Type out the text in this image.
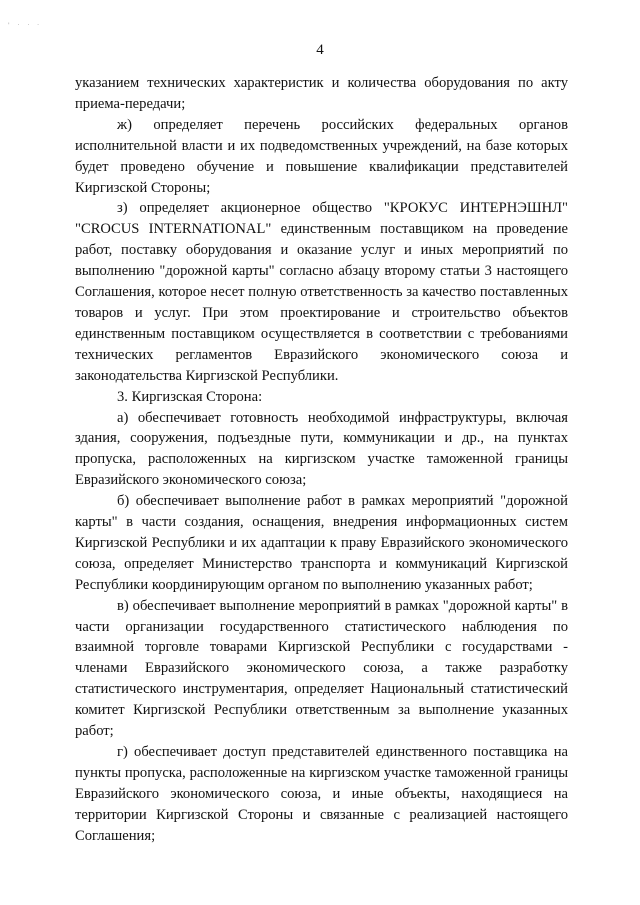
' · · ·
4

указанием технических характеристик и количества оборудования по акту приема-передачи;

ж) определяет перечень российских федеральных органов исполнительной власти и их подведомственных учреждений, на базе которых будет проведено обучение и повышение квалификации представителей Киргизской Стороны;

з) определяет акционерное общество "КРОКУС ИНТЕРНЭШНЛ" "CROCUS INTERNATIONAL" единственным поставщиком на проведение работ, поставку оборудования и оказание услуг и иных мероприятий по выполнению "дорожной карты" согласно абзацу второму статьи 3 настоящего Соглашения, которое несет полную ответственность за качество поставленных товаров и услуг. При этом проектирование и строительство объектов единственным поставщиком осуществляется в соответствии с требованиями технических регламентов Евразийского экономического союза и законодательства Киргизской Республики.

3. Киргизская Сторона:

а) обеспечивает готовность необходимой инфраструктуры, включая здания, сооружения, подъездные пути, коммуникации и др., на пунктах пропуска, расположенных на киргизском участке таможенной границы Евразийского экономического союза;

б) обеспечивает выполнение работ в рамках мероприятий "дорожной карты" в части создания, оснащения, внедрения информационных систем Киргизской Республики и их адаптации к праву Евразийского экономического союза, определяет Министерство транспорта и коммуникаций Киргизской Республики координирующим органом по выполнению указанных работ;

в) обеспечивает выполнение мероприятий в рамках "дорожной карты" в части организации государственного статистического наблюдения по взаимной торговле товарами Киргизской Республики с государствами - членами Евразийского экономического союза, а также разработку статистического инструментария, определяет Национальный статистический комитет Киргизской Республики ответственным за выполнение указанных работ;

г) обеспечивает доступ представителей единственного поставщика на пункты пропуска, расположенные на киргизском участке таможенной границы Евразийского экономического союза, и иные объекты, находящиеся на территории Киргизской Стороны и связанные с реализацией настоящего Соглашения;
